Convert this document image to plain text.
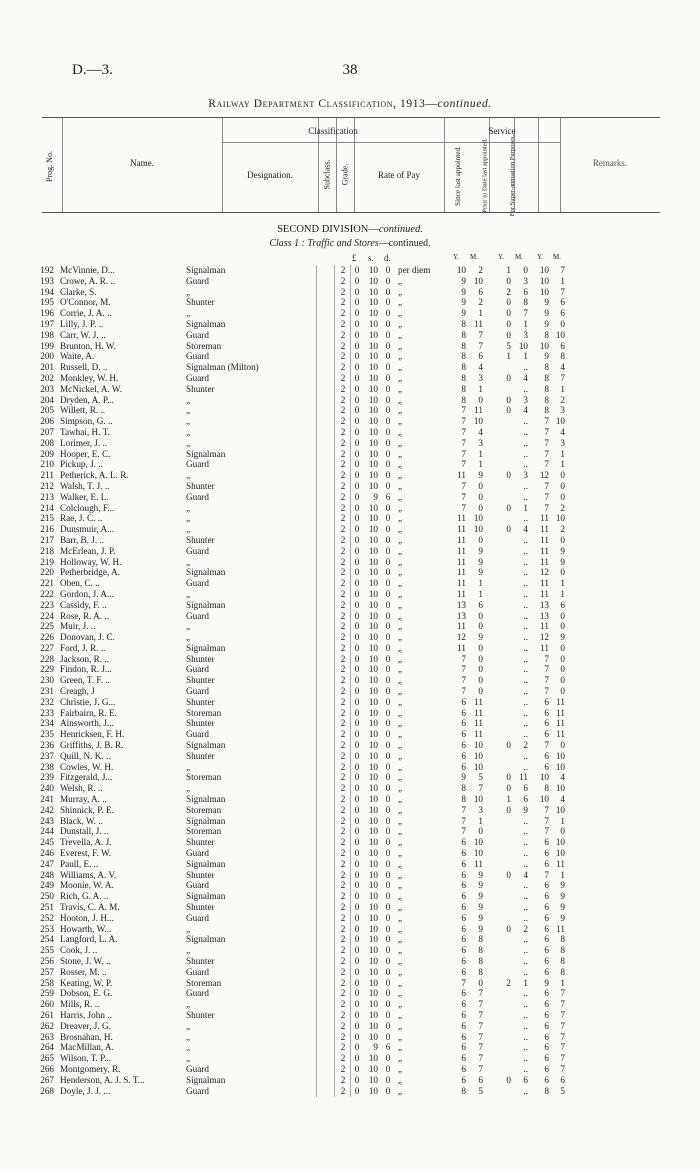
D.—3.	38
Railway Department Classification, 1913—continued.
Prog. No.	Name.
Classification
Designation.	Subclass. Grade.	Rate of Pay
Service
Since last appointed.	Prior to Date last appointed.	For Super-annuation Purposes.	Remarks.
SECOND DIVISION—continued.
Class 1 : Traffic and Stores—continued.
£ s. d.	Y. M.	Y. M. Y. M.
192 McVinnie, D...	Signalman	2	0	10 0 per diem	10	2	1	0	10	7
193 Crowe, A. R. ..	Guard	2	0	10 0 „	9 10	0	3	10	1
194 Clarke, S.	„	2	0	10 0 „	9	6	2	6	10	7
195 O'Connor, M.	Shunter	2	0	10 0 „	9	2	0	8	9	6
196 Corrie, J. A. ..	„	2	0	10 0 „	9	1	0	7	9	6
197 Lilly, J. P. ..	Signalman	2	0	10 0 „	8 11	0	1	9	0
198 Carr, W. J. ..	Guard	2	0	10 0 „	8	7	0	3	8 10
199 Brunton, H. W.	Storeman	2	0	10 0 „	8	7	5 10	10	6
200 Waite, A.	Guard	2	0	10 0 „	8	6	1	1	9	8
201 Russell, D. ..	Signalman (Milton)	2	0	10 0 „	8	4	..	8	4
202 Monkley, W. H.	Guard	2	0	10 0 „	8	3	0	4	8	7
203 McNickel, A. W.	Shunter	2	0	10 0 „	8	1	..	8	1
204 Dryden, A. P...	„	2	0	10 0 „	8	0	0	3	8	2
205 Willett, R. ..	„	2	0	10 0 „	7 11	0	4	8	3
206 Simpson, G. ..	„	2	0	10 0 „	7 10	..	7 10
207 Tawhai, H. T.	„	2	0	10 0 „	7	4	..	7	4
208 Lorimer, J. ..	„	2	0	10 0 „	7	3	..	7	3
209 Hooper, E. C.	Signalman	2	0	10 0 „	7	1	..	7	1
210 Pickup, J. ..	Guard	2	0	10 0 „	7	1	..	7	1
211 Petherick, A. L. R.	„	2	0	10 0 „	11	9	0	3	12	0
212 Walsh, T. J. ..	Shunter	2	0	10 0 „	7	0	..	7	0
213 Walker, E. L.	Guard	2	0	9 6 „	7	0	..	7	0
214 Colclough, F...	„	2	0	10 0 „	7	0	0	1	7	2
215 Rae, J. C. ..	„	2	0	10 0 „	11 10	..	11 10
216 Dunsmuir, A...	„	2	0	10 0 „	11 10	0	4	11	2
217 Barr, B. J. ..	Shunter	2	0	10 0 „	11	0	..	11	0
218 McErlean, J. P.	Guard	2	0	10 0 „	11	9	..	11	9
219 Holloway, W. H.	„	2	0	10 0 „	11	9	..	11	9
220 Petherbridge, A.	Signalman	2	0	10 0 „	11	9	..	12	0
221 Oben, C. ..	Guard	2	0	10 0 „	11	1	..	11	1
222 Gordon, J. A...	„	2	0	10 0 „	11	1	..	11	1
223 Cassidy, F. ..	Signalman	2	0	10 0 „	13	6	..	13	6
224 Rose, R. A. ..	Guard	2	0	10 0 „	13	0	..	13	0
225 Muir, J. ..	„	2	0	10 0 „	11	0	..	11	0
226 Donovan, J. C.	„	2	0	10 0 „	12	9	..	12	9
227 Ford, J. R. ..	Signalman	2	0	10 0 „	11	0	..	11	0
228 Jackson, R. ..	Shunter	2	0	10 0 „	7	0	..	7	0
229 Findon, R. J...	Guard	2	0	10 0 „	7	0	..	7	0
230 Green, T. F. ..	Shunter	2	0	10 0 „	7	0	..	7	0
231 Creagh, J	Guard	2	0	10 0 „	7	0	..	7	0
232 Christie, J. G...	Shunter	2	0	10 0 „	6 11	..	6 11
233 Fairbairn, R. E.	Storeman	2	0	10 0 „	6 11	..	6 11
234 Ainsworth, J...	Shunter	2	0	10 0 „	6 11	..	6 11
235 Henricksen, F. H.	Guard	2	0	10 0 „	6 11	..	6 11
236 Griffiths, J. B. R.	Signalman	2	0	10 0 „	6 10	0	2	7	0
237 Quill, N. K. ..	Shunter	2	0	10 0 „	6 10	..	6 10
238 Cowles, W. H.	„	2	0	10 0 „	6 10	..	6 10
239 Fitzgerald, J...	Storeman	2	0	10 0 „	9	5	0 11	10	4
240 Welsh, R. ..	„	2	0	10 0 „	8	7	0	6	8 10
241 Murray, A. ..	Signalman	2	0	10 0 „	8 10	1	6	10	4
242 Shinnick, P. E.	Storeman	2	0	10 0 „	7	3	0	9	7 10
243 Black, W. ..	Signalman	2	0	10 0 „	7	1	..	7	1
244 Dunstall, J. ..	Storeman	2	0	10 0 „	7	0	..	7	0
245 Trevella, A. J.	Shunter	2	0	10 0 „	6 10	..	6 10
246 Everest, F. W.	Guard	2	0	10 0 „	6 10	..	6 10
247 Paull, E. ..	Signalman	2	0	10 0 „	6 11	..	6 11
248 Williams, A. V.	Shunter	2	0	10 0 „	6	9	0	4	7	1
249 Moonie, W. A.	Guard	2	0	10 0 „	6	9	..	6	9
250 Rich, G. A. ..	Signalman	2	0	10 0 „	6	9	..	6	9
251 Travis, C. A. M.	Shunter	2	0	10 0 „	6	9	..	6	9
252 Hooton, J. H...	Guard	2	0	10 0 „	6	9	..	6	9
253 Howarth, W...	„	2	0	10 0 „	6	9	0	2	6 11
254 Langford, L. A.	Signalman	2	0	10 0 „	6	8	..	6	8
255 Cook, J. ..	„	2	0	10 0 „	6	8	..	6	8
256 Stone, J. W. ..	Shunter	2	0	10 0 „	6	8	..	6	8
257 Rosser, M. ..	Guard	2	0	10 0 „	6	8	..	6	8
258 Keating, W. P.	Storeman	2	0	10 0 „	7	0	2	1	9	1
259 Dobson, E. G.	Guard	2	0	10 0 „	6	7	..	6	7
260 Mills, R. ..	„	2	0	10 0 „	6	7	..	6	7
261 Harris, John ..	Shunter	2	0	10 0 „	6	7	..	6	7
262 Dreaver, J. G.	„	2	0	10 0 „	6	7	..	6	7
263 Brosnahan, H.	„	2	0	10 0 „	6	7	..	6	7
264 MacMillan, A.	„	2	0	9 6 „	6	7	..	6	7
265 Wilson, T. P...	„	2	0	10 0 „	6	7	..	6	7
266 Montgomery, R.	Guard	2	0	10 0 „	6	7	..	6	7
267 Henderson, A. J. S. T...	Signalman	2	0	10 0 „	6	6	0	6	6	6
268 Doyle, J. J. ...	Guard	2	0	10 0 „	8	5	..	8	5
